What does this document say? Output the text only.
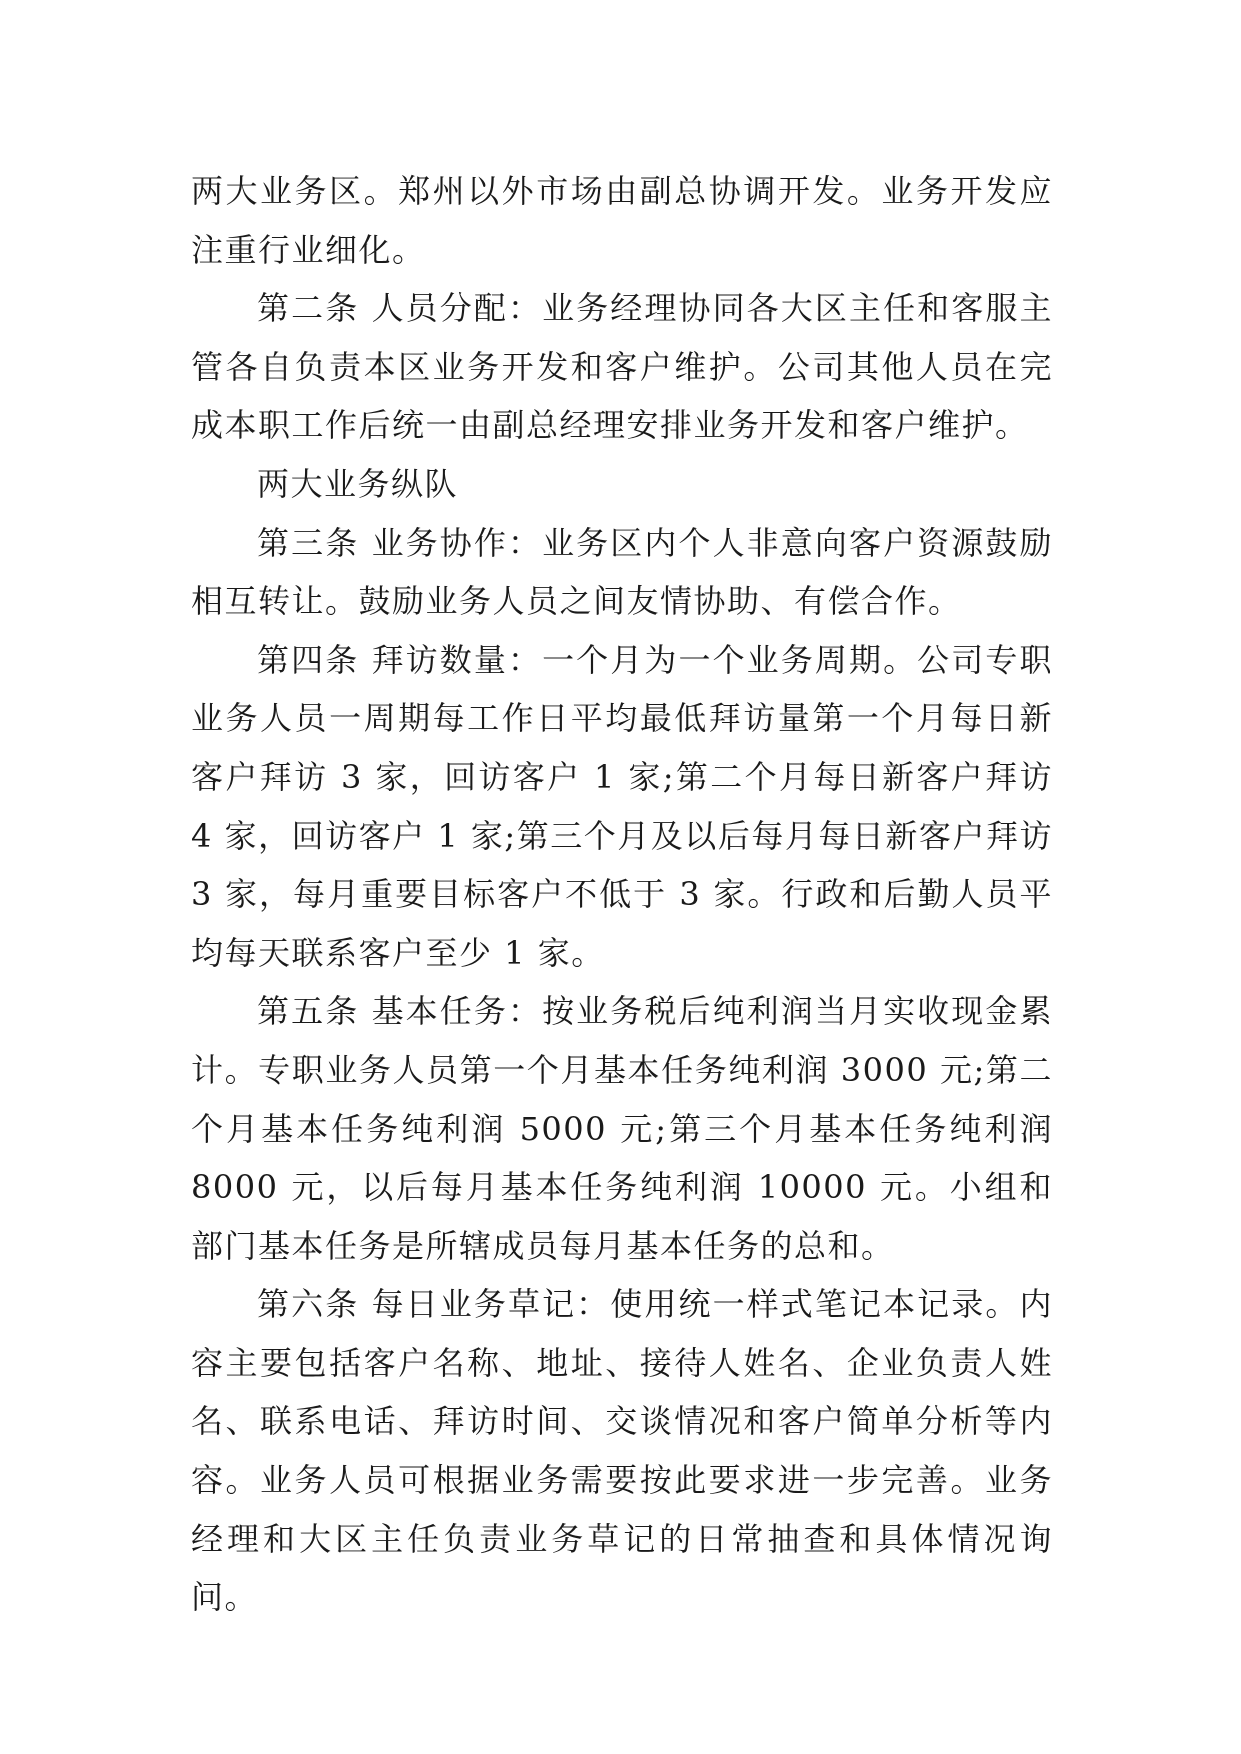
两大业务区。郑州以外市场由副总协调开发。业务开发应注重行业细化。

第二条 人员分配：业务经理协同各大区主任和客服主管各自负责本区业务开发和客户维护。公司其他人员在完成本职工作后统一由副总经理安排业务开发和客户维护。

两大业务纵队

第三条 业务协作：业务区内个人非意向客户资源鼓励相互转让。鼓励业务人员之间友情协助、有偿合作。

第四条 拜访数量：一个月为一个业务周期。公司专职业务人员一周期每工作日平均最低拜访量第一个月每日新客户拜访 3 家，回访客户 1 家;第二个月每日新客户拜访 4 家，回访客户 1 家;第三个月及以后每月每日新客户拜访 3 家，每月重要目标客户不低于 3 家。行政和后勤人员平均每天联系客户至少 1 家。

第五条 基本任务：按业务税后纯利润当月实收现金累计。专职业务人员第一个月基本任务纯利润 3000 元;第二个月基本任务纯利润 5000 元;第三个月基本任务纯利润 8000 元，以后每月基本任务纯利润 10000 元。小组和部门基本任务是所辖成员每月基本任务的总和。

第六条 每日业务草记：使用统一样式笔记本记录。内容主要包括客户名称、地址、接待人姓名、企业负责人姓名、联系电话、拜访时间、交谈情况和客户简单分析等内容。业务人员可根据业务需要按此要求进一步完善。业务经理和大区主任负责业务草记的日常抽查和具体情况询问。
